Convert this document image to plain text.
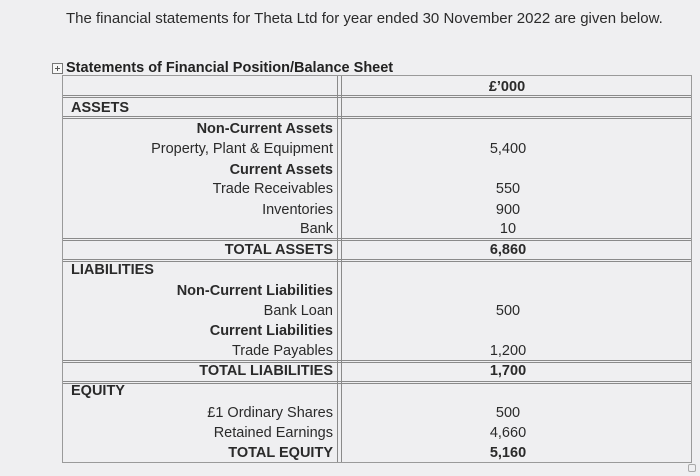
The financial statements for Theta Ltd for year ended 30 November 2022 are given below.
Statements of Financial Position/Balance Sheet
£’000
ASSETS
Non-Current Assets
Property, Plant & Equipment	5,400
Current Assets
Trade Receivables	550
Inventories	900
Bank	10
TOTAL ASSETS	6,860
LIABILITIES
Non-Current Liabilities
Bank Loan	500
Current Liabilities
Trade Payables	1,200
TOTAL LIABILITIES	1,700
EQUITY
£1 Ordinary Shares	500
Retained Earnings	4,660
TOTAL EQUITY	5,160
